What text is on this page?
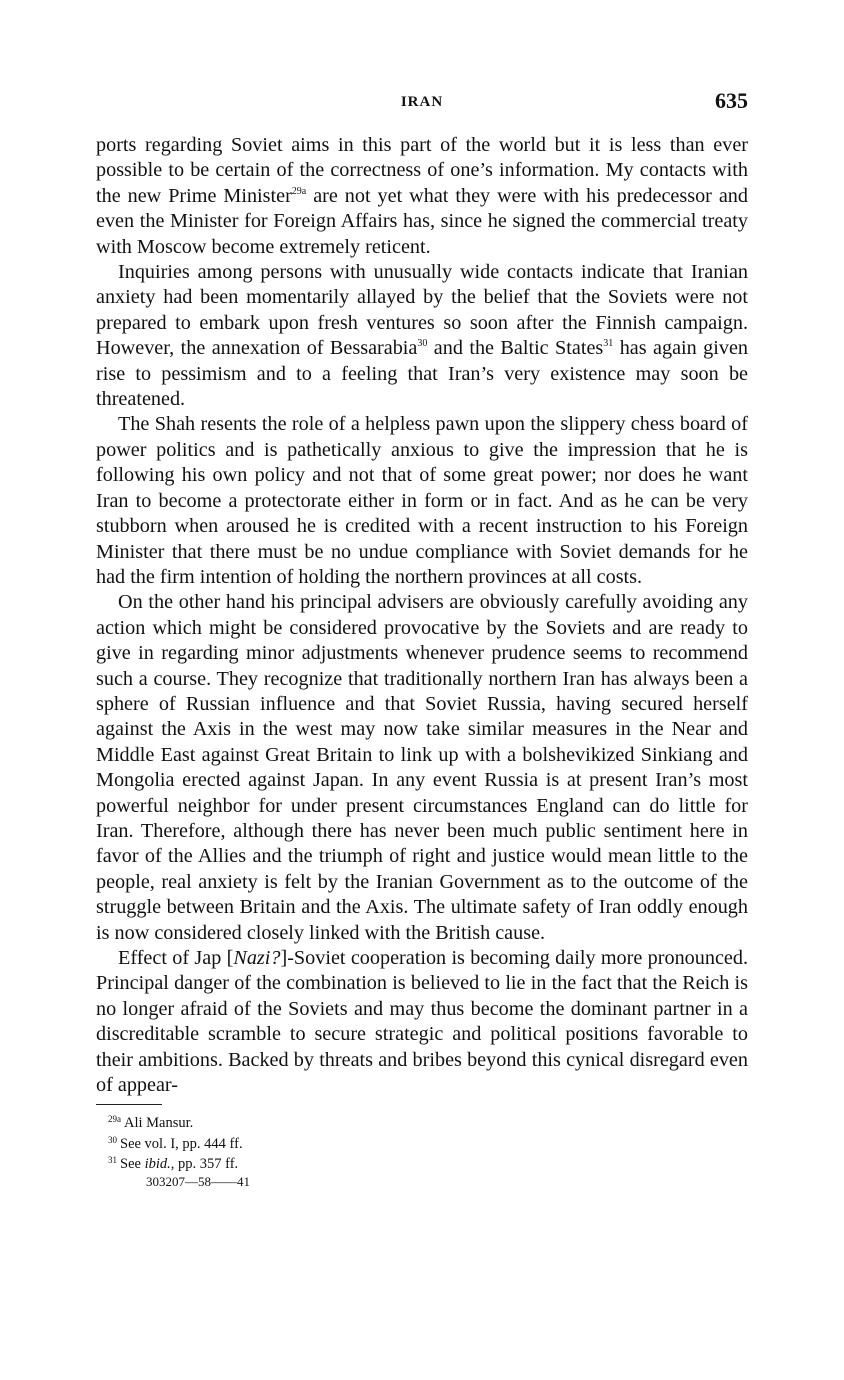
IRAN	635

ports regarding Soviet aims in this part of the world but it is less than ever possible to be certain of the correctness of one’s information. My contacts with the new Prime Minister$^{29a}$ are not yet what they were with his predecessor and even the Minister for Foreign Affairs has, since he signed the commercial treaty with Moscow become extremely reticent.

Inquiries among persons with unusually wide contacts indicate that Iranian anxiety had been momentarily allayed by the belief that the Soviets were not prepared to embark upon fresh ventures so soon after the Finnish campaign. However, the annexation of Bessarabia$^{30}$ and the Baltic States$^{31}$ has again given rise to pessimism and to a feeling that Iran’s very existence may soon be threatened.

The Shah resents the role of a helpless pawn upon the slippery chess board of power politics and is pathetically anxious to give the impression that he is following his own policy and not that of some great power; nor does he want Iran to become a protectorate either in form or in fact. And as he can be very stubborn when aroused he is credited with a recent instruction to his Foreign Minister that there must be no undue compliance with Soviet demands for he had the firm intention of holding the northern provinces at all costs.

On the other hand his principal advisers are obviously carefully avoiding any action which might be considered provocative by the Soviets and are ready to give in regarding minor adjustments whenever prudence seems to recommend such a course. They recognize that traditionally northern Iran has always been a sphere of Russian influence and that Soviet Russia, having secured herself against the Axis in the west may now take similar measures in the Near and Middle East against Great Britain to link up with a bolshevikized Sinkiang and Mongolia erected against Japan. In any event Russia is at present Iran’s most powerful neighbor for under present circumstances England can do little for Iran. Therefore, although there has never been much public sentiment here in favor of the Allies and the triumph of right and justice would mean little to the people, real anxiety is felt by the Iranian Government as to the outcome of the struggle between Britain and the Axis. The ultimate safety of Iran oddly enough is now considered closely linked with the British cause.

Effect of Jap [Nazi?]-Soviet cooperation is becoming daily more pronounced. Principal danger of the combination is believed to lie in the fact that the Reich is no longer afraid of the Soviets and may thus become the dominant partner in a discreditable scramble to secure strategic and political positions favorable to their ambitions. Backed by threats and bribes beyond this cynical disregard even of appear-

$^{29a}$ Ali Mansur.
$^{30}$ See vol. I, pp. 444 ff.
$^{31}$ See ibid., pp. 357 ff.
303207—58——41
